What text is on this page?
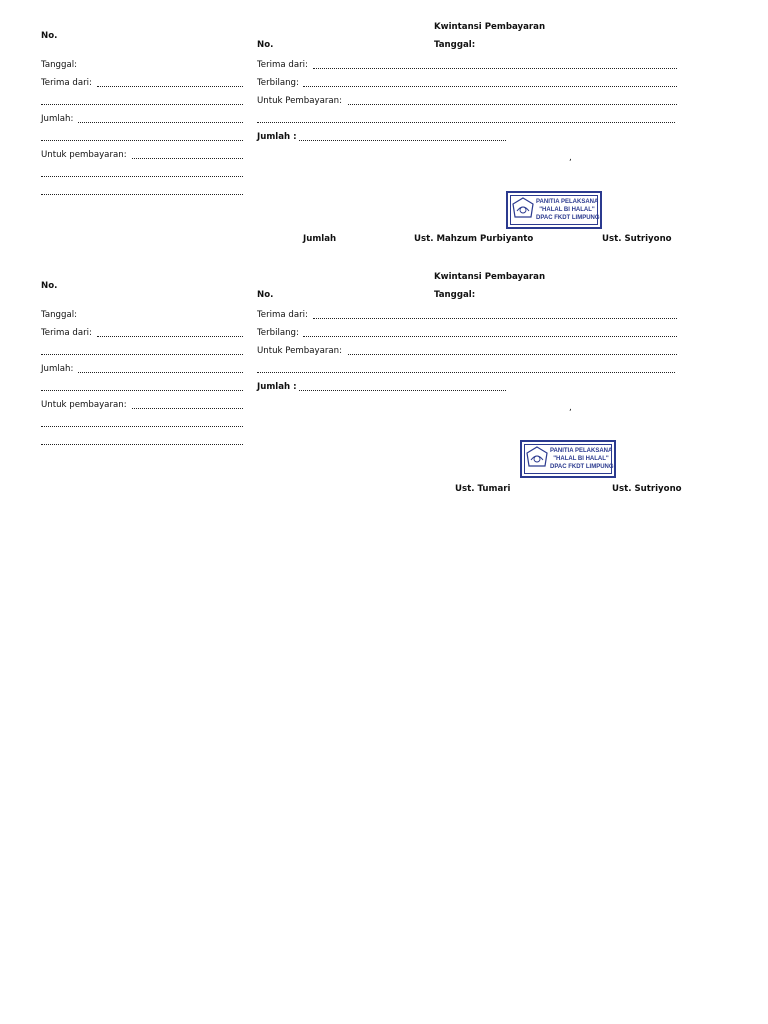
No.
Tanggal:
Terima dari:
Jumlah:
Untuk pembayaran:
Kwintansi Pembayaran
No.	Tanggal:
Terima dari:
Terbilang:
Untuk Pembayaran:
Jumlah :
,
PANITIA PELAKSANA
"HALAL BI HALAL"
DPAC FKDT LIMPUNG
Jumlah	Ust. Mahzum Purbiyanto	Ust. Sutriyono
No.
Tanggal:
Terima dari:
Jumlah:
Untuk pembayaran:
Kwintansi Pembayaran
No.	Tanggal:
Terima dari:
Terbilang:
Untuk Pembayaran:
Jumlah :
,
PANITIA PELAKSANA
"HALAL BI HALAL"
DPAC FKDT LIMPUNG
Ust. Tumari	Ust. Sutriyono
